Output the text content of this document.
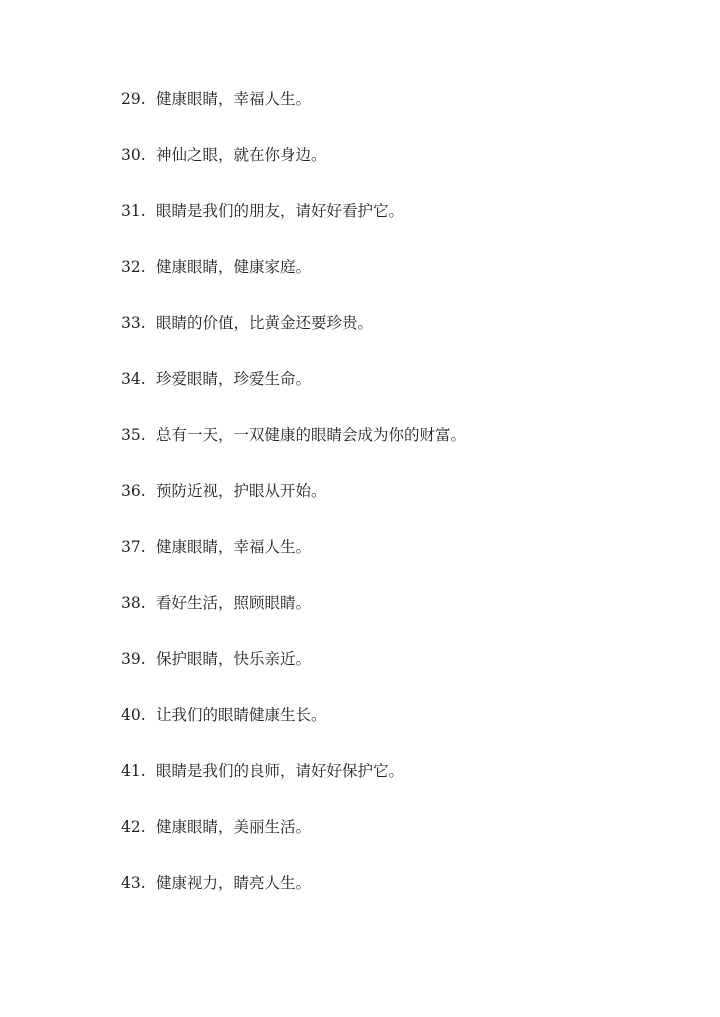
29. 健康眼睛，幸福人生。
30. 神仙之眼，就在你身边。
31. 眼睛是我们的朋友，请好好看护它。
32. 健康眼睛，健康家庭。
33. 眼睛的价值，比黄金还要珍贵。
34. 珍爱眼睛，珍爱生命。
35. 总有一天，一双健康的眼睛会成为你的财富。
36. 预防近视，护眼从开始。
37. 健康眼睛，幸福人生。
38. 看好生活，照顾眼睛。
39. 保护眼睛，快乐亲近。
40. 让我们的眼睛健康生长。
41. 眼睛是我们的良师，请好好保护它。
42. 健康眼睛，美丽生活。
43. 健康视力，睛亮人生。
